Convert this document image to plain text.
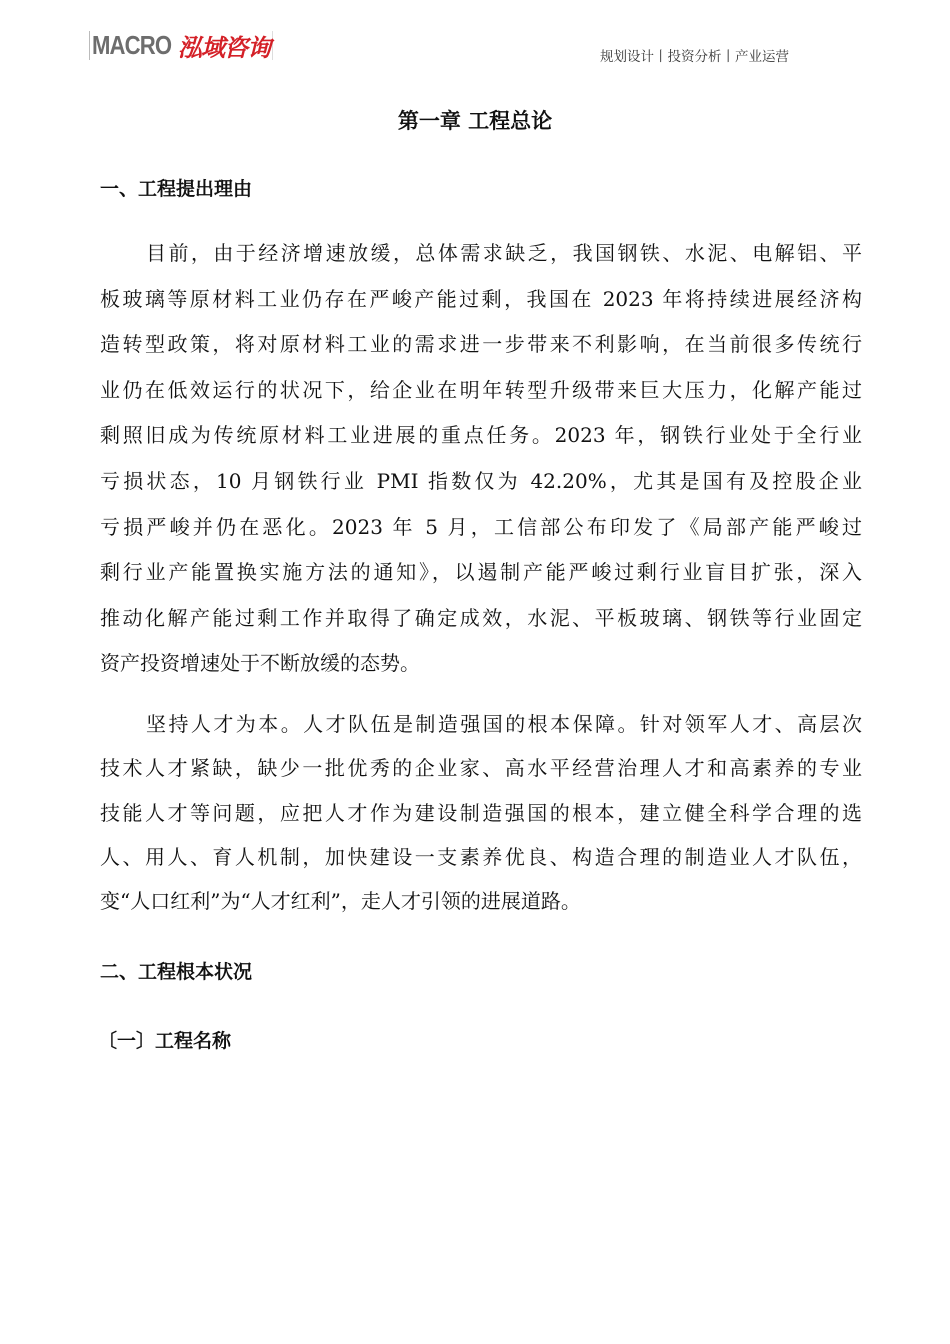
MACRO 泓域咨询	规划设计丨投资分析丨产业运营
第一章 工程总论
一、工程提出理由
目前，由于经济增速放缓，总体需求缺乏，我国钢铁、水泥、电解铝、平
板玻璃等原材料工业仍存在严峻产能过剩，我国在 2023 年将持续进展经济构
造转型政策，将对原材料工业的需求进一步带来不利影响，在当前很多传统行
业仍在低效运行的状况下，给企业在明年转型升级带来巨大压力，化解产能过
剩照旧成为传统原材料工业进展的重点任务。2023 年，钢铁行业处于全行业
亏损状态，10 月钢铁行业 PMI 指数仅为 42.20%，尤其是国有及控股企业
亏损严峻并仍在恶化。2023 年 5 月，工信部公布印发了《局部产能严峻过
剩行业产能置换实施方法的通知》，以遏制产能严峻过剩行业盲目扩张，深入
推动化解产能过剩工作并取得了确定成效，水泥、平板玻璃、钢铁等行业固定
资产投资增速处于不断放缓的态势。
坚持人才为本。人才队伍是制造强国的根本保障。针对领军人才、高层次
技术人才紧缺，缺少一批优秀的企业家、高水平经营治理人才和高素养的专业
技能人才等问题，应把人才作为建设制造强国的根本，建立健全科学合理的选
人、用人、育人机制，加快建设一支素养优良、构造合理的制造业人才队伍，
变“人口红利”为“人才红利”，走人才引领的进展道路。
二、工程根本状况
〔一〕工程名称
